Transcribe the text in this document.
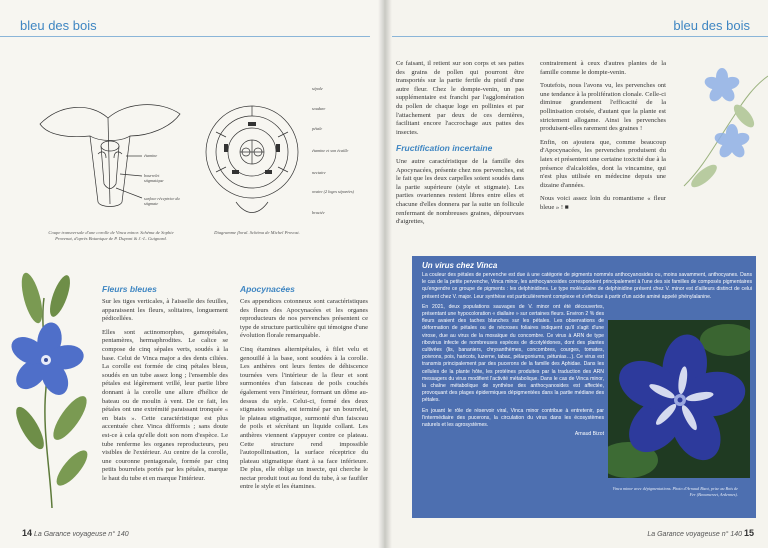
bleu des bois
étamine
bourrelet stigmatique
surface réceptrice du stigmate
Coupe transversale d'une corolle de Vinca minor. Schéma de Sophie Provenat, d'après Botanique de P. Dupont & J.-L. Guignard.
sépale
soudure
pétale
étamine et son écaille
nectaire
ovaire (2 loges séparées)
bractée
Diagramme floral. Schéma de Michel Provost.
Fleurs bleues

Sur les tiges verticales, à l'aisselle des feuilles, apparaissent les fleurs, solitaires, longuement pédicellées.

Elles sont actinomorphes, gamopétales, pentamères, hermaphrodites. Le calice se compose de cinq sépales verts, soudés à la base. Celui de Vinca major a des dents ciliées. La corolle est formée de cinq pétales bleus, soudés en un tube assez long ; l'ensemble des pétales est légèrement vrillé, leur partie libre donnant à la corolle une allure d'hélice de bateau ou de moulin à vent. De ce fait, les pétales ont une extrémité paraissant tronquée « en biais ». Cette caractéristique est plus accentuée chez Vinca difformis ; sans doute est-ce à cela qu'elle doit son nom d'espèce. Le tube renferme les organes reproducteurs, peu visibles de l'extérieur. Au centre de la corolle, une couronne pentagonale, formée par cinq petits bourrelets portés par les pétales, marque le haut du tube et en marque l'intérieur.

Apocynacées

Ces appendices cotonneux sont caractéristiques des fleurs des Apocynacées et les organes reproducteurs de nos pervenches présentent ce type de structure particulière qui témoigne d'une évolution florale remarquable.

Cinq étamines alternipétales, à filet velu et genouillé à la base, sont soudées à la corolle. Les anthères ont leurs fentes de déhiscence tournées vers l'intérieur de la fleur et sont surmontées d'un faisceau de poils couchés également vers l'intérieur, formant un dôme au-dessus du style. Celui-ci, formé des deux stigmates soudés, est terminé par un bourrelet, le plateau stigmatique, surmonté d'un faisceau de poils et sécrétant un liquide collant. Les anthères viennent s'appuyer contre ce plateau. Cette structure rend impossible l'autopollinisation, la surface réceptrice du plateau stigmatique étant à sa face inférieure. De plus, elle oblige un insecte, qui cherche le nectar produit tout au fond du tube, à se faufiler entre le style et les étamines.

14 La Garance voyageuse n° 140
bleu des bois

Ce faisant, il retient sur son corps et ses pattes des grains de pollen qui pourront être transportés sur la partie fertile du pistil d'une autre fleur. Chez le dompte-venin, un pas supplémentaire est franchi par l'agglomération du pollen de chaque loge en pollinies et par l'attachement par deux de ces dernières, facilitant encore l'accrochage aux pattes des insectes.

Fructification incertaine

Une autre caractéristique de la famille des Apocynacées, présente chez nos pervenches, est le fait que les deux carpelles soient soudés dans la partie supérieure (style et stigmate). Les parties ovariennes restent libres entre elles et chacune d'elles donnera par la suite un follicule renfermant de nombreuses graines, dépourvues d'aigrettes,

contrairement à ceux d'autres plantes de la famille comme le dompte-venin.

Toutefois, nous l'avons vu, les pervenches ont une tendance à la prolifération clonale. Celle-ci diminue grandement l'efficacité de la pollinisation croisée, d'autant que la plante est strictement allogame. Ainsi les pervenches produisent-elles rarement des graines !

Enfin, on ajoutera que, comme beaucoup d'Apocynacées, les pervenches produisent du latex et présentent une certaine toxicité due à la présence d'alcaloïdes, dont la vincamine, qui n'est plus utilisée en médecine depuis une dizaine d'années.

Nous voici assez loin du romantisme « fleur bleue » ! ■

La Garance voyageuse n° 140 15
Un virus chez Vinca

La couleur des pétales de pervenche est due à une catégorie de pigments nommés anthocyanosides ou, moins savamment, anthocyanes. Dans le cas de la petite pervenche, Vinca minor, les anthocyanosides correspondent principalement à l'une des six familles de composés pigmentaires qu'engendre ce groupe de pigments : les delphinidines. Le type moléculaire de delphinidine présent chez V. minor est d'ailleurs distinct de celui présent chez V. major. Leur synthèse est particulièrement complexe et s'effectue à partir d'un acide aminé appelé phénylalanine.

En 2021, deux populations sauvages de V. minor ont été découvertes, présentant une hypocoloration « diallaire » sur certaines fleurs. Environ 2 % des fleurs avaient des taches blanches sur les pétales. Les observations de déformation de pétales ou de nécroses foliaires indiquent qu'il s'agit d'une virose, due au virus de la mosaïque du concombre. Ce virus à ARN de type ribovirus infecte de nombreuses espèces de dicotylédones, dont des plantes cultivées (lis, bananiers, chrysanthèmes, concombres, courges, tomates, poivrons, pois, haricots, luzerne, tabac, pélargoniums, pétunias…). Ce virus est transmis principalement par des pucerons de la famille des Aphidae. Dans les cellules de la plante hôte, les protéines produites par la traduction des ARN messagers du virus modifient l'activité métabolique. Dans le cas de Vinca minor, la chaîne métabolique de synthèse des anthocyanosides est affectée, provoquant des plages épidermiques dépigmentées dans la partie médiane des pétales.

En jouant le rôle de réservoir viral, Vinca minor contribue à entretenir, par l'intermédiaire des pucerons, la circulation du virus dans les écosystèmes naturels et les agrosystèmes.

Arnaud Bizot

Vinca minor avec dépigmentations. Photo d'Arnaud Bizot, prise au Bois de Fer (Beaumerzet, Ardennes).
